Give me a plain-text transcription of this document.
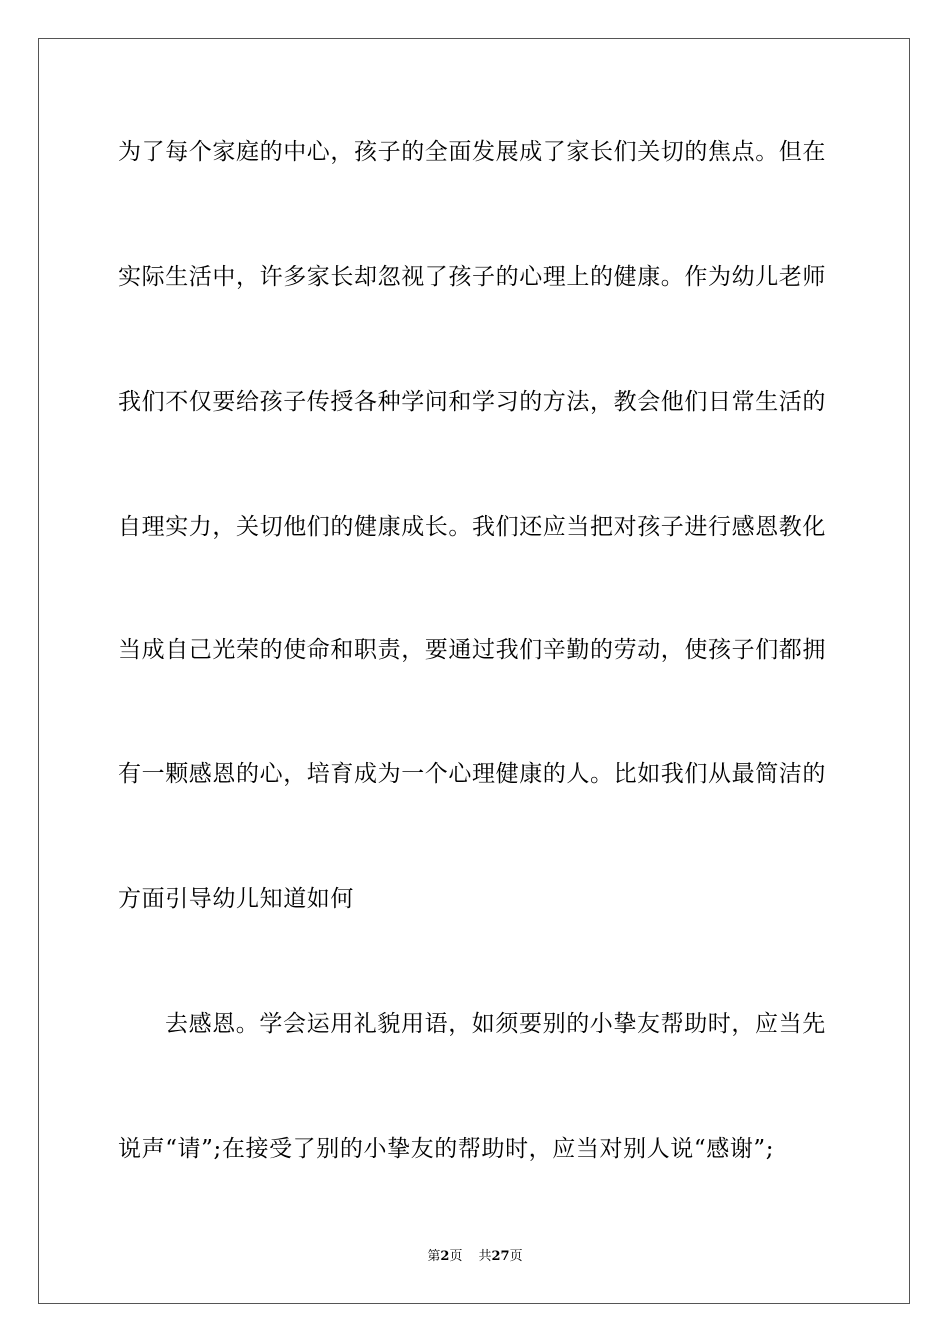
为了每个家庭的中心，孩子的全面发展成了家长们关切的焦点。但在
实际生活中，许多家长却忽视了孩子的心理上的健康。作为幼儿老师
我们不仅要给孩子传授各种学问和学习的方法，教会他们日常生活的
自理实力，关切他们的健康成长。我们还应当把对孩子进行感恩教化
当成自己光荣的使命和职责，要通过我们辛勤的劳动，使孩子们都拥
有一颗感恩的心，培育成为一个心理健康的人。比如我们从最简洁的
方面引导幼儿知道如何
去感恩。学会运用礼貌用语，如须要别的小挚友帮助时，应当先
说声“请”;在接受了别的小挚友的帮助时，应当对别人说“感谢”;
第2页 共27页
